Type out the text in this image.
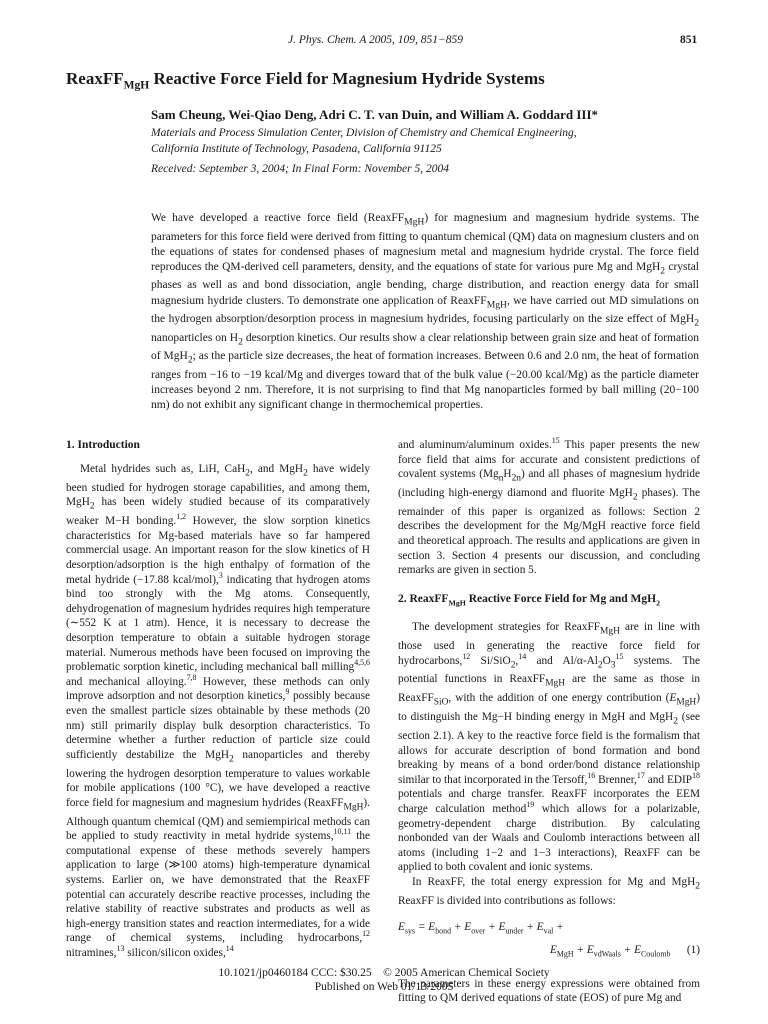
J. Phys. Chem. A 2005, 109, 851−859	851
ReaxFF$_{MgH}$ Reactive Force Field for Magnesium Hydride Systems
Sam Cheung, Wei-Qiao Deng, Adri C. T. van Duin, and William A. Goddard III*
Materials and Process Simulation Center, Division of Chemistry and Chemical Engineering,
California Institute of Technology, Pasadena, California 91125
Received: September 3, 2004; In Final Form: November 5, 2004
We have developed a reactive force field (ReaxFF$_{MgH}$) for magnesium and magnesium hydride systems. The parameters for this force field were derived from fitting to quantum chemical (QM) data on magnesium clusters and on the equations of states for condensed phases of magnesium metal and magnesium hydride crystal. The force field reproduces the QM-derived cell parameters, density, and the equations of state for various pure Mg and MgH$_2$ crystal phases as well as and bond dissociation, angle bending, charge distribution, and reaction energy data for small magnesium hydride clusters. To demonstrate one application of ReaxFF$_{MgH}$, we have carried out MD simulations on the hydrogen absorption/desorption process in magnesium hydrides, focusing particularly on the size effect of MgH$_2$ nanoparticles on $H_2$ desorption kinetics. Our results show a clear relationship between grain size and heat of formation of MgH$_2$; as the particle size decreases, the heat of formation increases. Between 0.6 and 2.0 nm, the heat of formation ranges from −16 to −19 kcal/Mg and diverges toward that of the bulk value (−20.00 kcal/Mg) as the particle diameter increases beyond 2 nm. Therefore, it is not surprising to find that Mg nanoparticles formed by ball milling (20−100 nm) do not exhibit any significant change in thermochemical properties.
1. Introduction

Metal hydrides such as, LiH, CaH$_2$, and MgH$_2$ have widely been studied for hydrogen storage capabilities, and among them, MgH$_2$ has been widely studied because of its comparatively weaker M−H bonding.$^{1,2}$ However, the slow sorption kinetics characteristics for Mg-based materials have so far hampered commercial usage. An important reason for the slow kinetics of H desorption/adsorption is the high enthalpy of formation of the metal hydride (−17.88 kcal/mol),$^3$ indicating that hydrogen atoms bind too strongly with the Mg atoms. Consequently, dehydrogenation of magnesium hydrides requires high temperature (∼552 K at 1 atm). Hence, it is necessary to decrease the desorption temperature to obtain a suitable hydrogen storage material. Numerous methods have been focused on improving the problematic sorption kinetic, including mechanical ball milling$^{4,5,6}$ and mechanical alloying.$^{7,8}$ However, these methods can only improve adsorption and not desorption kinetics,$^9$ possibly because even the smallest particle sizes obtainable by these methods (20 nm) still primarily display bulk desorption characteristics. To determine whether a further reduction of particle size could sufficiently destabilize the MgH$_2$ nanoparticles and thereby lowering the hydrogen desorption temperature to values workable for mobile applications (100 °C), we have developed a reactive force field for magnesium and magnesium hydrides (ReaxFF$_{MgH}$). Although quantum chemical (QM) and semiempirical methods can be applied to study reactivity in metal hydride systems,$^{10,11}$ the computational expense of these methods severely hampers application to large (≫100 atoms) high-temperature dynamical systems. Earlier on, we have demonstrated that the ReaxFF potential can accurately describe reactive processes, including the relative stability of reactive substrates and products as well as high-energy transition states and reaction intermediates, for a wide range of chemical systems, including hydrocarbons,$^{12}$ nitramines,$^{13}$ silicon/silicon oxides,$^{14}$

and aluminum/aluminum oxides.$^{15}$ This paper presents the new force field that aims for accurate and consistent predictions of covalent systems $(Mg_nH_{2n})$ and all phases of magnesium hydride (including high-energy diamond and fluorite MgH$_2$ phases). The remainder of this paper is organized as follows: Section 2 describes the development for the Mg/MgH reactive force field and theoretical approach. The results and applications are given in section 3. Section 4 presents our discussion, and concluding remarks are given in section 5.

2. ReaxFF$_{MgH}$ Reactive Force Field for Mg and MgH$_2$

The development strategies for ReaxFF$_{MgH}$ are in line with those used in generating the reactive force field for hydrocarbons,$^{12}$ Si/SiO$_2$,$^{14}$ and $Al/\alpha-Al_2O_3^{15}$ systems. The potential functions in ReaxFF$_{MgH}$ are the same as those in ReaxFF$_{SiO}$, with the addition of one energy contribution $(E_{MgH})$ to distinguish the Mg−H binding energy in MgH and MgH$_2$ (see section 2.1). A key to the reactive force field is the formalism that allows for accurate description of bond formation and bond breaking by means of a bond order/bond distance relationship similar to that incorporated in the Tersoff,$^{16}$ Brenner,$^{17}$ and EDIP$^{18}$ potentials and charge transfer. ReaxFF incorporates the EEM charge calculation method$^{19}$ which allows for a polarizable, geometry-dependent charge distribution. By calculating nonbonded van der Waals and Coulomb interactions between all atoms (including 1−2 and 1−3 interactions), ReaxFF can be applied to both covalent and ionic systems.

In ReaxFF, the total energy expression for Mg and MgH$_2$ ReaxFF is divided into contributions as follows:

$E_{sys} = E_{bond} + E_{over} + E_{under} + E_{val}$ +
$E_{MgH} + E_{vdWaals} + E_{Coulomb}$ (1)

The parameters in these energy expressions were obtained from fitting to QM derived equations of state (EOS) of pure Mg and

10.1021/jp0460184 CCC: $30.25 © 2005 American Chemical Society
Published on Web 01/13/2005
